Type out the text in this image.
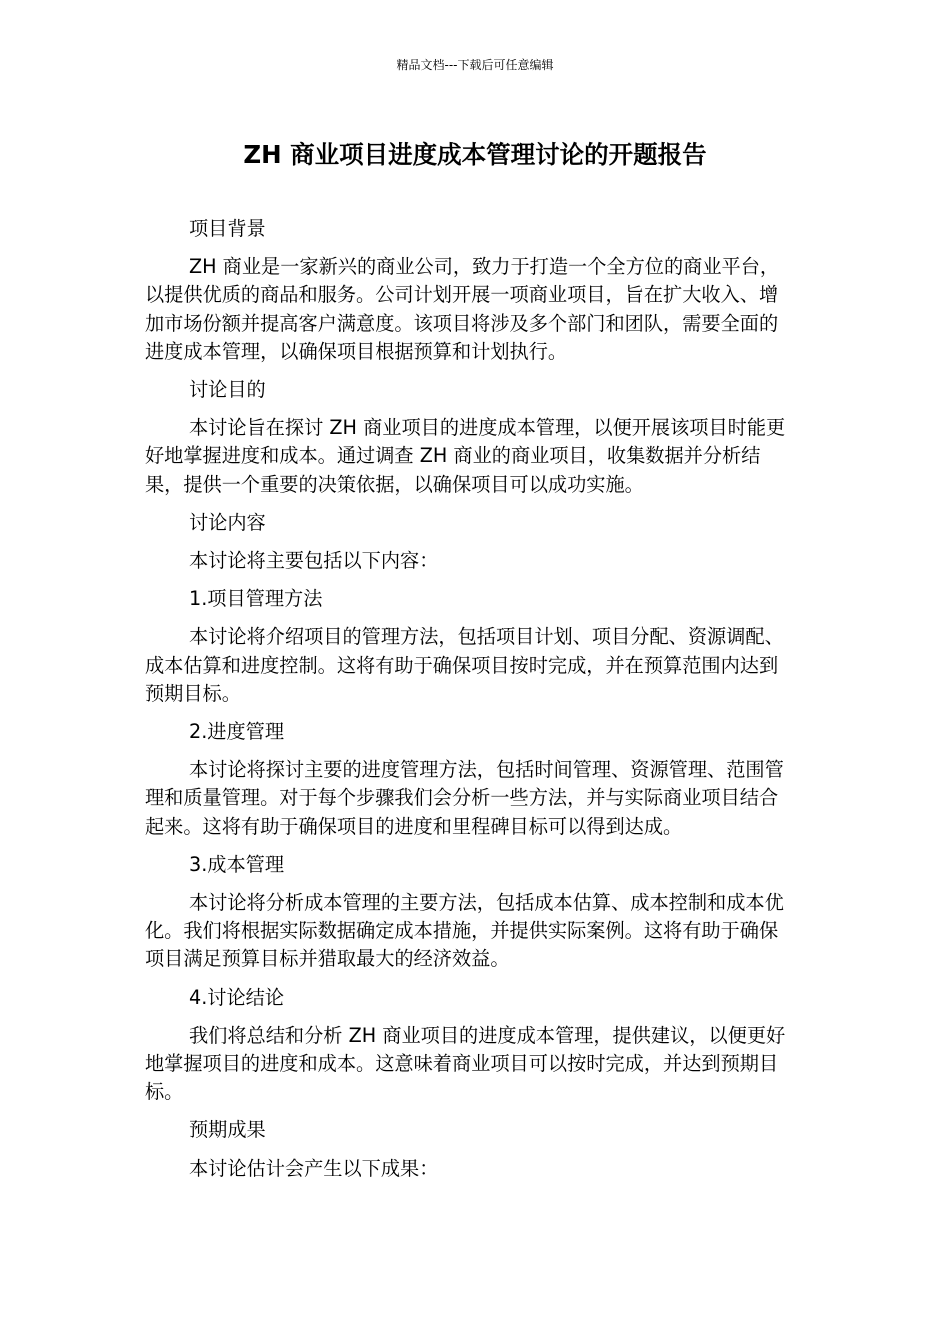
精品文档---下载后可任意编辑
ZH 商业项目进度成本管理讨论的开题报告

项目背景

ZH 商业是一家新兴的商业公司，致力于打造一个全方位的商业平台，以提供优质的商品和服务。公司计划开展一项商业项目，旨在扩大收入、增加市场份额并提高客户满意度。该项目将涉及多个部门和团队，需要全面的进度成本管理，以确保项目根据预算和计划执行。

讨论目的

本讨论旨在探讨 ZH 商业项目的进度成本管理，以便开展该项目时能更好地掌握进度和成本。通过调查 ZH 商业的商业项目，收集数据并分析结果，提供一个重要的决策依据，以确保项目可以成功实施。

讨论内容

本讨论将主要包括以下内容：

1.项目管理方法

本讨论将介绍项目的管理方法，包括项目计划、项目分配、资源调配、成本估算和进度控制。这将有助于确保项目按时完成，并在预算范围内达到预期目标。

2.进度管理

本讨论将探讨主要的进度管理方法，包括时间管理、资源管理、范围管理和质量管理。对于每个步骤我们会分析一些方法，并与实际商业项目结合起来。这将有助于确保项目的进度和里程碑目标可以得到达成。

3.成本管理

本讨论将分析成本管理的主要方法，包括成本估算、成本控制和成本优化。我们将根据实际数据确定成本措施，并提供实际案例。这将有助于确保项目满足预算目标并猎取最大的经济效益。

4.讨论结论

我们将总结和分析 ZH 商业项目的进度成本管理，提供建议，以便更好地掌握项目的进度和成本。这意味着商业项目可以按时完成，并达到预期目标。

预期成果

本讨论估计会产生以下成果：
